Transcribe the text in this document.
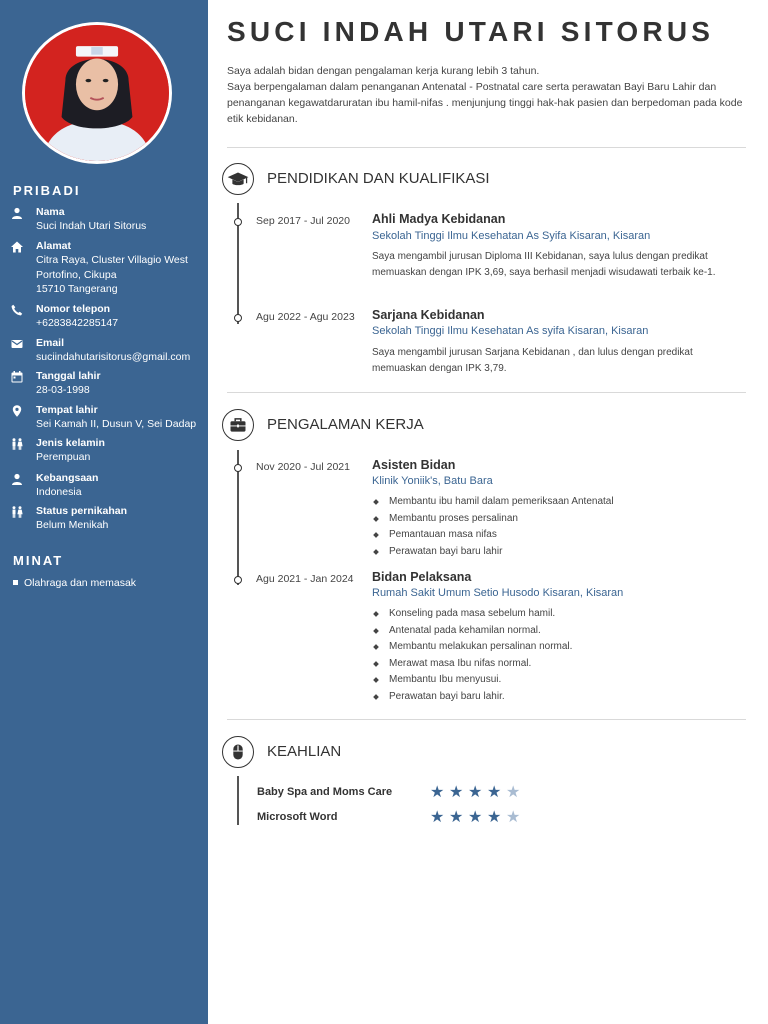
PRIBADI
Nama
Suci Indah Utari Sitorus
Alamat
Citra Raya, Cluster Villagio West
Portofino, Cikupa
15710 Tangerang
Nomor telepon
+6283842285147
Email
suciindahutarisitorus@gmail.com
Tanggal lahir
28-03-1998
Tempat lahir
Sei Kamah II, Dusun V, Sei Dadap
Jenis kelamin
Perempuan
Kebangsaan
Indonesia
Status pernikahan
Belum Menikah
MINAT
Olahraga dan memasak
SUCI INDAH UTARI SITORUS
Saya adalah bidan dengan pengalaman kerja kurang lebih 3 tahun.
Saya berpengalaman dalam penanganan Antenatal - Postnatal care serta perawatan Bayi Baru Lahir dan penanganan kegawatdaruratan ibu hamil-nifas . menjunjung tinggi hak-hak pasien dan berpedoman pada kode etik kebidanan.
PENDIDIKAN DAN KUALIFIKASI
Sep 2017 - Jul 2020 Ahli Madya Kebidanan
Sekolah Tinggi Ilmu Kesehatan As Syifa Kisaran, Kisaran
Saya mengambil jurusan Diploma III Kebidanan, saya lulus dengan predikat memuaskan dengan IPK 3,69, saya berhasil menjadi wisudawati terbaik ke-1.
Agu 2022 - Agu 2023 Sarjana Kebidanan
Sekolah Tinggi Ilmu Kesehatan As syifa Kisaran, Kisaran
Saya mengambil jurusan Sarjana Kebidanan , dan lulus dengan predikat memuaskan dengan IPK 3,79.
PENGALAMAN KERJA
Nov 2020 - Jul 2021 Asisten Bidan
Klinik Yoniik's, Batu Bara
Membantu ibu hamil dalam pemeriksaan Antenatal
Membantu proses persalinan
Pemantauan masa nifas
Perawatan bayi baru lahir
Agu 2021 - Jan 2024 Bidan Pelaksana
Rumah Sakit Umum Setio Husodo Kisaran, Kisaran
Konseling pada masa sebelum hamil.
Antenatal pada kehamilan normal.
Membantu melakukan persalinan normal.
Merawat masa Ibu nifas normal.
Membantu Ibu menyusui.
Perawatan bayi baru lahir.
KEAHLIAN
Baby Spa and Moms Care ★ ★ ★ ★ ★
Microsoft Word	★ ★ ★ ★ ★
